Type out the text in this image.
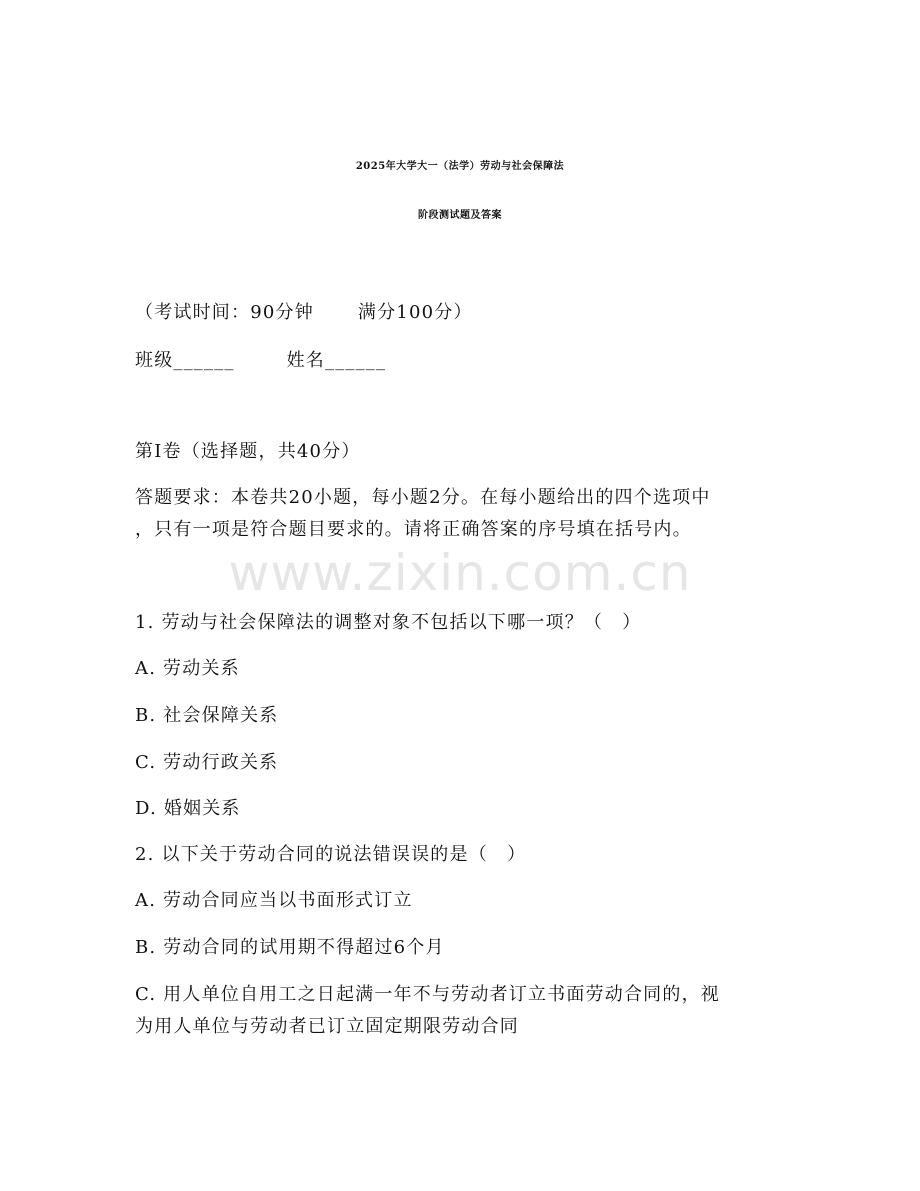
www.zixin.com.cn
2025年大学大一（法学）劳动与社会保障法
阶段测试题及答案

（考试时间：90分钟 满分100分）

班级______	姓名______

第Ⅰ卷（选择题，共40分）

答题要求：本卷共20小题，每小题2分。在每小题给出的四个选项中

，只有一项是符合题目要求的。请将正确答案的序号填在括号内。

1. 劳动与社会保障法的调整对象不包括以下哪一项？（　）

A. 劳动关系

B. 社会保障关系

C. 劳动行政关系

D. 婚姻关系

2. 以下关于劳动合同的说法错误误的是（　）

A. 劳动合同应当以书面形式订立

B. 劳动合同的试用期不得超过6个月

C. 用人单位自用工之日起满一年不与劳动者订立书面劳动合同的，视

为用人单位与劳动者已订立固定期限劳动合同
